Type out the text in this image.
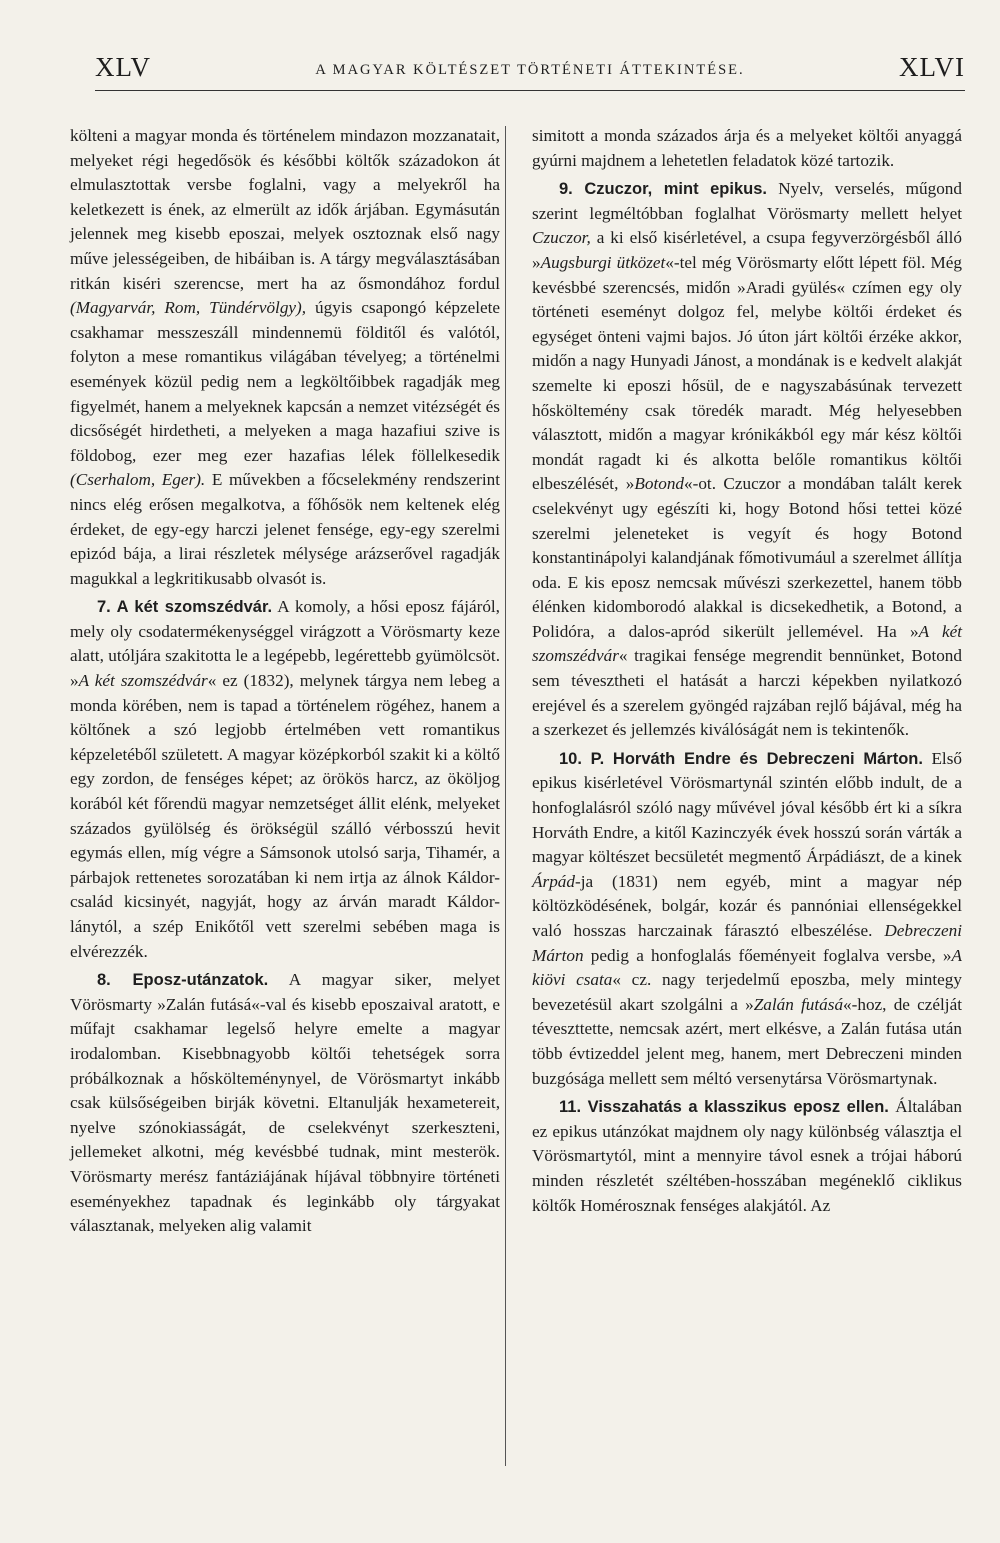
XLV	A MAGYAR KÖLTÉSZET TÖRTÉNETI ÁTTEKINTÉSE.	XLVI

költeni a magyar monda és történelem mindazon mozzanatait, melyeket régi hegedősök és későbbi költők századokon át elmulasztottak versbe foglalni, vagy a melyekről ha keletkezett is ének, az elmerült az idők árjában. Egymásután jelennek meg kisebb eposzai, melyek osztoznak első nagy műve jelességeiben, de hibáiban is. A tárgy megválasztásában ritkán kiséri szerencse, mert ha az ősmondához fordul (Magyarvár, Rom, Tündérvölgy), úgyis csapongó képzelete csakhamar messzeszáll mindennemü földitől és valótól, folyton a mese romantikus világában tévelyeg; a történelmi események közül pedig nem a legköltőibbek ragadják meg figyelmét, hanem a melyeknek kapcsán a nemzet vitézségét és dicsőségét hirdetheti, a melyeken a maga hazafiui szive is földobog, ezer meg ezer hazafias lélek föllelkesedik (Cserhalom, Eger). E művekben a főcselekmény rendszerint nincs elég erősen megalkotva, a főhősök nem keltenek elég érdeket, de egy-egy harczi jelenet fensége, egy-egy szerelmi epizód bája, a lirai részletek mélysége arázserővel ragadják magukkal a legkritikusabb olvasót is.

7. A két szomszédvár. A komoly, a hősi eposz fájáról, mely oly csodatermékenységgel virágzott a Vörösmarty keze alatt, utóljára szakitotta le a legépebb, legérettebb gyümölcsöt. »A két szomszédvár« ez (1832), melynek tárgya nem lebeg a monda körében, nem is tapad a történelem rögéhez, hanem a költőnek a szó legjobb értelmében vett romantikus képzeletéből született. A magyar középkorból szakit ki a költő egy zordon, de fenséges képet; az örökös harcz, az ököljog korából két főrendü magyar nemzetséget állit elénk, melyeket százados gyülölség és örökségül szálló vérbosszú hevit egymás ellen, míg végre a Sámsonok utolsó sarja, Tihamér, a párbajok rettenetes sorozatában ki nem irtja az álnok Káldor-család kicsinyét, nagyját, hogy az árván maradt Káldor-lánytól, a szép Enikőtől vett szerelmi sebében maga is elvérezzék.

8. Eposz-utánzatok. A magyar siker, melyet Vörösmarty »Zalán futásá«-val és kisebb eposzaival aratott, e műfajt csakhamar legelső helyre emelte a magyar irodalomban. Kisebbnagyobb költői tehetségek sorra próbálkoznak a hőskölteménynyel, de Vörösmartyt inkább csak külsőségeiben birják követni. Eltanulják hexametereit, nyelve szónokiasságát, de cselekvényt szerkeszteni, jellemeket alkotni, még kevésbbé tudnak, mint mesterök. Vörösmarty merész fantáziájának híjával többnyire történeti eseményekhez tapadnak és leginkább oly tárgyakat választanak, melyeken alig valamit

simitott a monda százados árja és a melyeket költői anyaggá gyúrni majdnem a lehetetlen feladatok közé tartozik.

9. Czuczor, mint epikus. Nyelv, verselés, műgond szerint legméltóbban foglalhat Vörösmarty mellett helyet Czuczor, a ki első kisérletével, a csupa fegyverzörgésből álló »Augsburgi ütközet«-tel még Vörösmarty előtt lépett föl. Még kevésbbé szerencsés, midőn »Aradi gyülés« czímen egy oly történeti eseményt dolgoz fel, melybe költői érdeket és egységet önteni vajmi bajos. Jó úton járt költői érzéke akkor, midőn a nagy Hunyadi Jánost, a mondának is e kedvelt alakját szemelte ki eposzi hősül, de e nagyszabásúnak tervezett hősköltemény csak töredék maradt. Még helyesebben választott, midőn a magyar krónikákból egy már kész költői mondát ragadt ki és alkotta belőle romantikus költői elbeszélését, »Botond«-ot. Czuczor a mondában talált kerek cselekvényt ugy egészíti ki, hogy Botond hősi tettei közé szerelmi jeleneteket is vegyít és hogy Botond konstantinápolyi kalandjának főmotivumául a szerelmet állítja oda. E kis eposz nemcsak művészi szerkezettel, hanem több élénken kidomborodó alakkal is dicsekedhetik, a Botond, a Polidóra, a dalos-apród sikerült jellemével. Ha »A két szomszédvár« tragikai fensége megrendit bennünket, Botond sem tévesztheti el hatását a harczi képekben nyilatkozó erejével és a szerelem gyöngéd rajzában rejlő bájával, még ha a szerkezet és jellemzés kiválóságát nem is tekintenők.

10. P. Horváth Endre és Debreczeni Márton. Első epikus kisérletével Vörösmartynál szintén előbb indult, de a honfoglalásról szóló nagy művével jóval később ért ki a síkra Horváth Endre, a kitől Kazinczyék évek hosszú során várták a magyar költészet becsületét megmentő Árpádiászt, de a kinek Árpád-ja (1831) nem egyéb, mint a magyar nép költözködésének, bolgár, kozár és pannóniai ellenségekkel való hosszas harczainak fárasztó elbeszélése. Debreczeni Márton pedig a honfoglalás főeményeit foglalva versbe, »A kiövi csata« cz. nagy terjedelmű eposzba, mely mintegy bevezetésül akart szolgálni a »Zalán futásá«-hoz, de czélját téveszttette, nemcsak azért, mert elkésve, a Zalán futása után több évtizeddel jelent meg, hanem, mert Debreczeni minden buzgósága mellett sem méltó versenytársa Vörösmartynak.

11. Visszahatás a klasszikus eposz ellen. Általában ez epikus utánzókat majdnem oly nagy különbség választja el Vörösmartytól, mint a mennyire távol esnek a trójai háború minden részletét széltében-hosszában megéneklő ciklikus költők Homérosznak fenséges alakjától. Az
